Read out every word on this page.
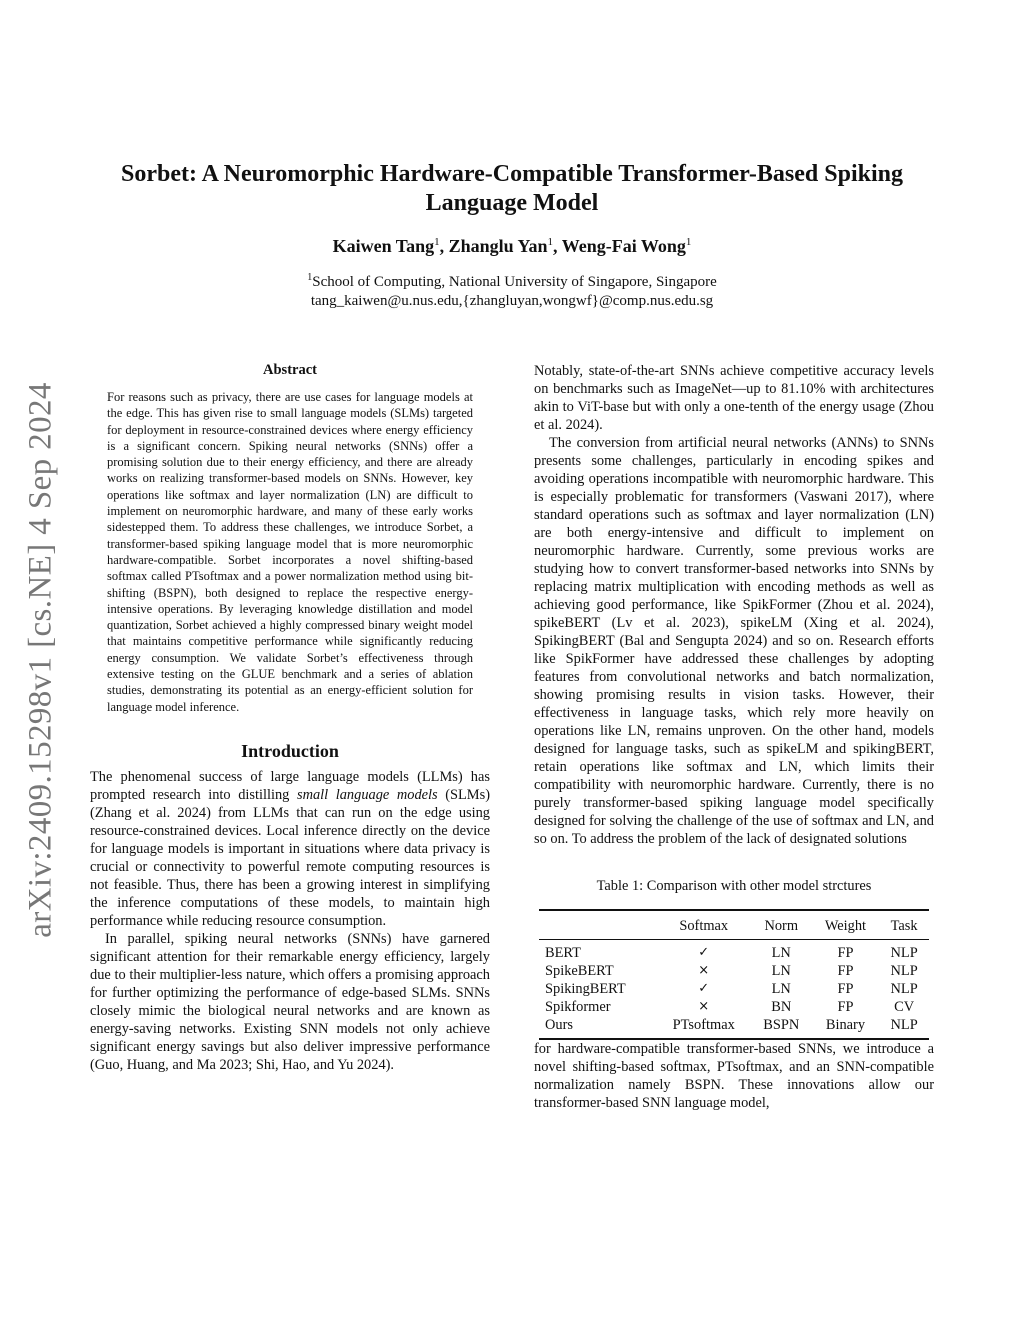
arXiv:2409.15298v1 [cs.NE] 4 Sep 2024
Sorbet: A Neuromorphic Hardware-Compatible Transformer-Based Spiking
Language Model
Kaiwen Tang$^1$, Zhanglu Yan$^1$, Weng-Fai Wong$^1$
$^1$School of Computing, National University of Singapore, Singapore
tang_kaiwen@u.nus.edu,{zhangluyan,wongwf}@comp.nus.edu.sg
Abstract
For reasons such as privacy, there are use cases for language models at the edge. This has given rise to small language models (SLMs) targeted for deployment in resource-constrained devices where energy efficiency is a significant concern. Spiking neural networks (SNNs) offer a promising solution due to their energy efficiency, and there are already works on realizing transformer-based models on SNNs. However, key operations like softmax and layer normalization (LN) are difficult to implement on neuromorphic hardware, and many of these early works sidestepped them. To address these challenges, we introduce Sorbet, a transformer-based spiking language model that is more neuromorphic hardware-compatible. Sorbet incorporates a novel shifting-based softmax called PTsoftmax and a power normalization method using bit-shifting (BSPN), both designed to replace the respective energy-intensive operations. By leveraging knowledge distillation and model quantization, Sorbet achieved a highly compressed binary weight model that maintains competitive performance while significantly reducing energy consumption. We validate Sorbet’s effectiveness through extensive testing on the GLUE benchmark and a series of ablation studies, demonstrating its potential as an energy-efficient solution for language model inference.
Introduction

The phenomenal success of large language models (LLMs) has prompted research into distilling small language models (SLMs) (Zhang et al. 2024) from LLMs that can run on the edge using resource-constrained devices. Local inference directly on the device for language models is important in situations where data privacy is crucial or connectivity to powerful remote computing resources is not feasible. Thus, there has been a growing interest in simplifying the inference computations of these models, to maintain high performance while reducing resource consumption.

In parallel, spiking neural networks (SNNs) have garnered significant attention for their remarkable energy efficiency, largely due to their multiplier-less nature, which offers a promising approach for further optimizing the performance of edge-based SLMs. SNNs closely mimic the biological neural networks and are known as energy-saving networks. Existing SNN models not only achieve significant energy savings but also deliver impressive performance (Guo, Huang, and Ma 2023; Shi, Hao, and Yu 2024).

Notably, state-of-the-art SNNs achieve competitive accuracy levels on benchmarks such as ImageNet—up to 81.10% with architectures akin to ViT-base but with only a one-tenth of the energy usage (Zhou et al. 2024).

The conversion from artificial neural networks (ANNs) to SNNs presents some challenges, particularly in encoding spikes and avoiding operations incompatible with neuromorphic hardware. This is especially problematic for transformers (Vaswani 2017), where standard operations such as softmax and layer normalization (LN) are both energy-intensive and difficult to implement on neuromorphic hardware. Currently, some previous works are studying how to convert transformer-based networks into SNNs by replacing matrix multiplication with encoding methods as well as achieving good performance, like SpikFormer (Zhou et al. 2024), spikeBERT (Lv et al. 2023), spikeLM (Xing et al. 2024), SpikingBERT (Bal and Sengupta 2024) and so on. Research efforts like SpikFormer have addressed these challenges by adopting features from convolutional networks and batch normalization, showing promising results in vision tasks. However, their effectiveness in language tasks, which rely more heavily on operations like LN, remains unproven. On the other hand, models designed for language tasks, such as spikeLM and spikingBERT, retain operations like softmax and LN, which limits their compatibility with neuromorphic hardware. Currently, there is no purely transformer-based spiking language model specifically designed for solving the challenge of the use of softmax and LN, and so on. To address the problem of the lack of designated solutions

Table 1: Comparison with other model strctures
	Softmax	Norm	Weight	Task
BERT	✓	LN	FP	NLP
SpikeBERT	×	LN	FP	NLP
SpikingBERT	✓	LN	FP	NLP
Spikformer	×	BN	FP	CV
Ours	PTsoftmax	BSPN	Binary	NLP

for hardware-compatible transformer-based SNNs, we introduce a novel shifting-based softmax, PTsoftmax, and an SNN-compatible normalization namely BSPN. These innovations allow our transformer-based SNN language model,
